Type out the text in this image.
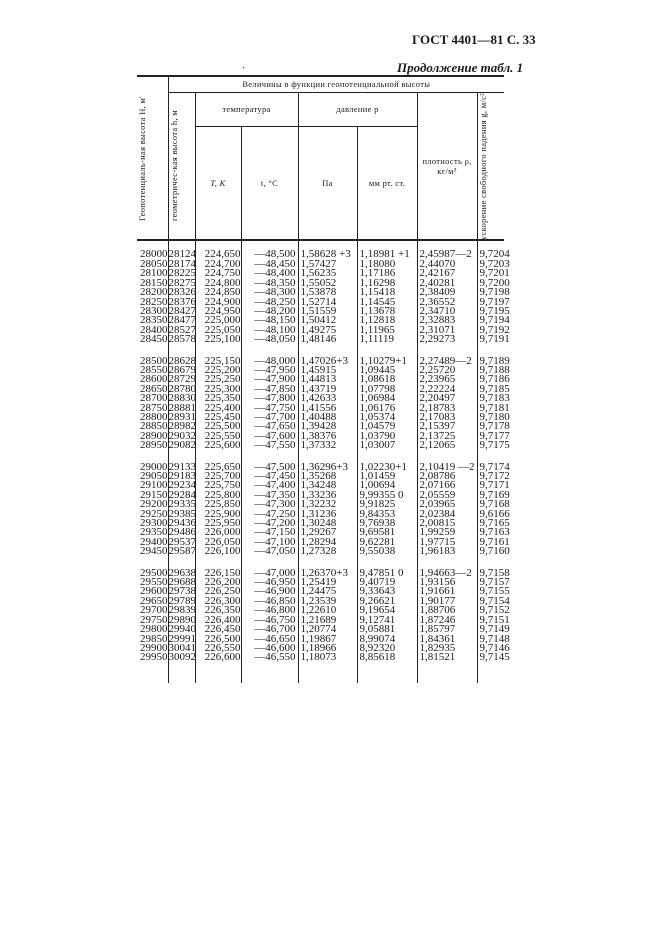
ГОСТ 4401—81 С. 33
·	Продолжение табл. 1
Геопотенциаль-ная высота H, м'	Величины в функции геопотенциальной высоты						

	геометричес-кая высота h, м	температура		давление p		плотность ρ, кг/м³	ускорение свободного падения g, м/с²

		T, K	t, °C	Па	мм рт. ст.		

28000	28124	224,650	—48,500	1,58628 +3	1,18981 +1	2,45987—2	9,7204
28050	28174	224,700	—48,450	1,57427	1,18080	2,44070	9,7203
28100	28225	224,750	—48,400	1,56235	1,17186	2,42167	9,7201
28150	28275	224,800	—48,350	1,55052	1,16298	2,40281	9,7200
28200	28326	224,850	—48,300	1,53878	1,15418	2,38409	9,7198
28250	28376	224,900	—48,250	1,52714	1,14545	2,36552	9,7197
28300	28427	224,950	—48,200	1,51559	1,13678	2,34710	9,7195
28350	28477	225,000	—48,150	1,50412	1,12818	2,32883	9,7194
28400	28527	225,050	—48,100	1,49275	1,11965	2,31071	9,7192
28450	28578	225,100	—48,050	1,48146	1,11119	2,29273	9,7191

28500	28628	225,150	—48,000	1,47026+3	1,10279+1	2,27489—2	9,7189
28550	28679	225,200	—47,950	1,45915	1,09445	2,25720	9,7188
28600	28729	225,250	—47,900	1,44813	1,08618	2,23965	9,7186
28650	28780	225,300	—47,850	1,43719	1,07798	2,22224	9,7185
28700	28830	225,350	—47,800	1,42633	1,06984	2,20497	9,7183
28750	28881	225,400	—47,750	1,41556	1,06176	2,18783	9,7181
28800	28931	225,450	—47,700	1,40488	1,05374	2,17083	9,7180
28850	28982	225,500	—47,650	1,39428	1,04579	2,15397	9,7178
28900	29032	225,550	—47,600	1,38376	1,03790	2,13725	9,7177
28950	29082	225,600	—47,550	1,37332	1,03007	2,12065	9,7175

29000	29133	225,650	—47,500	1,36296+3	1,02230+1	2,10419 —2	9,7174
29050	29183	225,700	—47,450	1,35268	1,01459	2,08786	9,7172
29100	29234	225,750	—47,400	1,34248	1,00694	2,07166	9,7171
29150	29284	225,800	—47,350	1,33236	9,99355 0	2,05559	9,7169
29200	29335	225,850	—47,300	1,32232	9,91825	2,03965	9,7168
29250	29385	225,900	—47,250	1,31236	9,84353	2,02384	9,6166
29300	29436	225,950	—47,200	1,30248	9,76938	2,00815	9,7165
29350	29486	226,000	—47,150	1,29267	9,69581	1,99259	9,7163
29400	29537	226,050	—47,100	1,28294	9,62281	1,97715	9,7161
29450	29587	226,100	—47,050	1,27328	9,55038	1,96183	9,7160

29500	29638	226,150	—47,000	1,26370+3	9,47851 0	1,94663—2	9,7158
29550	29688	226,200	—46,950	1,25419	9,40719	1,93156	9,7157
29600	29738	226,250	—46,900	1,24475	9,33643	1,91661	9,7155
29650	29789	226,300	—46,850	1,23539	9,26621	1,90177	9,7154
29700	29839	226,350	—46,800	1,22610	9,19654	1,88706	9,7152
29750	29890	226,400	—46,750	1,21689	9,12741	1,87246	9,7151
29800	29940	226,450	—46,700	1,20774	9,05881	1,85797	9,7149
29850	29991	226,500	—46,650	1,19867	8,99074	1,84361	9,7148
29900	30041	226,550	—46,600	1,18966	8,92320	1,82935	9,7146
29950	30092	226,600	—46,550	1,18073	8,85618	1,81521	9,7145
